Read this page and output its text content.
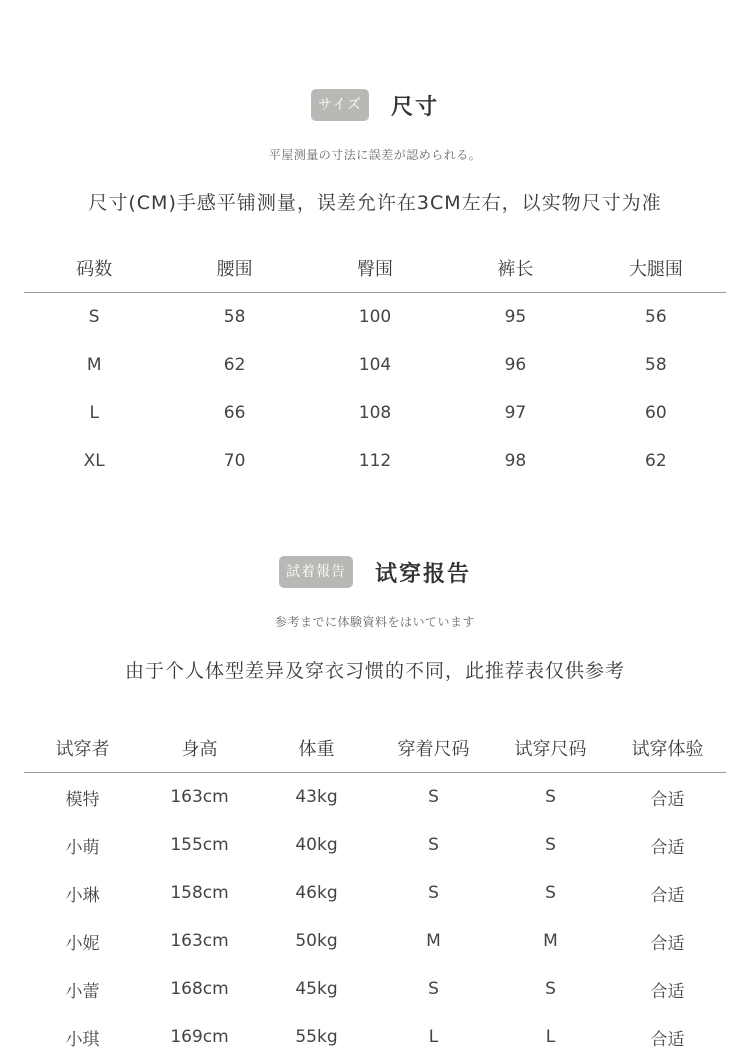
サイズ	尺寸
平屋测量の寸法に誤差が認められる。
尺寸(CM)手感平铺测量，误差允许在3CM左右，以实物尺寸为准
码数	腰围	臀围	裤长	大腿围
S	58	100	95	56
M	62	104	96	58
L	66	108	97	60
XL	70	112	98	62
試着報告	试穿报告
参考までに体験資料をはいています
由于个人体型差异及穿衣习惯的不同，此推荐表仅供参考
试穿者	身高	体重	穿着尺码	试穿尺码	试穿体验
模特	163cm	43kg	S	S	合适
小萌	155cm	40kg	S	S	合适
小琳	158cm	46kg	S	S	合适
小妮	163cm	50kg	M	M	合适
小蕾	168cm	45kg	S	S	合适
小琪	169cm	55kg	L	L	合适
